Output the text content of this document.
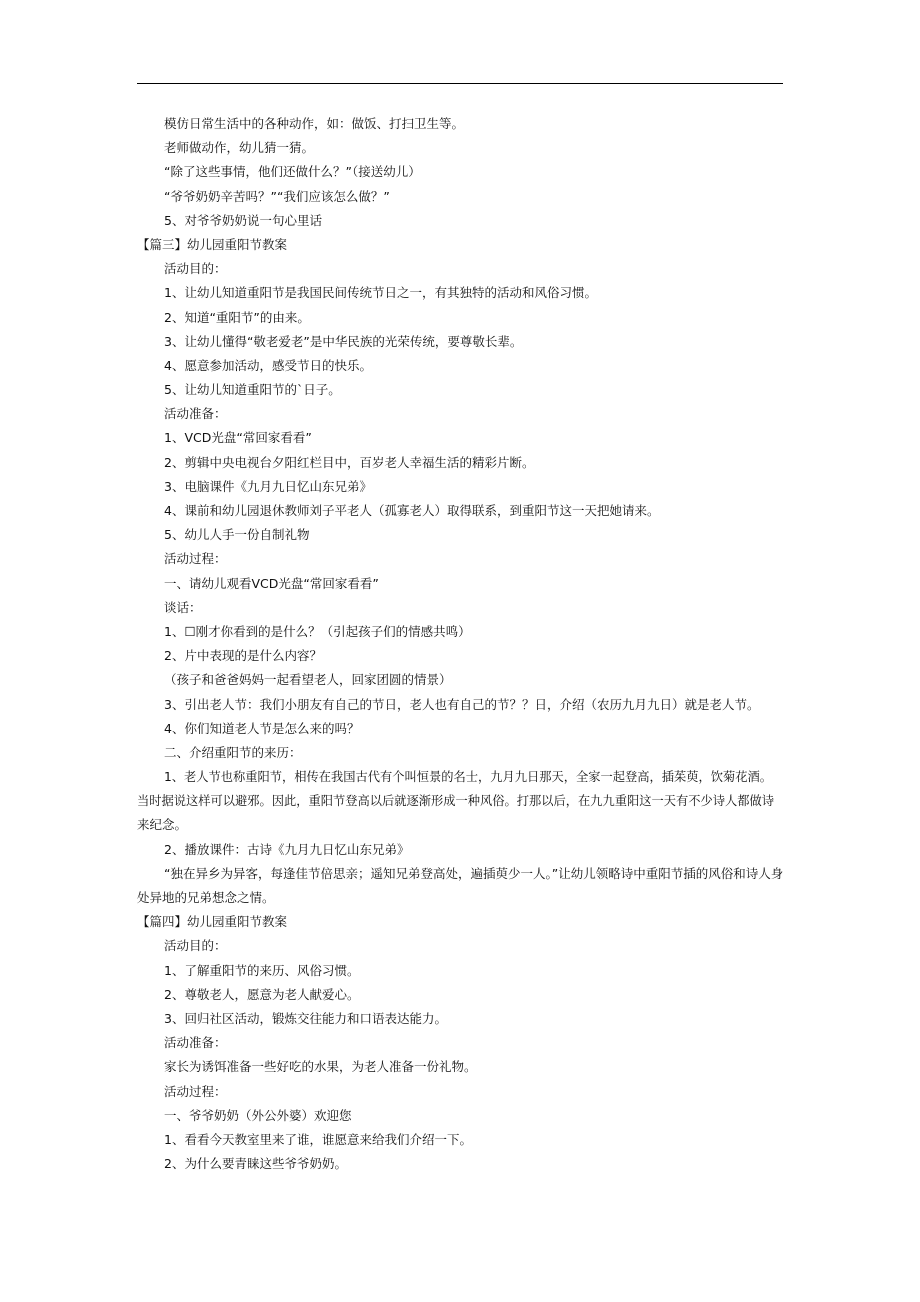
模仿日常生活中的各种动作，如：做饭、打扫卫生等。
老师做动作，幼儿猜一猜。
“除了这些事情，他们还做什么？”（接送幼儿）
“爷爷奶奶辛苦吗？”“我们应该怎么做？”
5、对爷爷奶奶说一句心里话
【篇三】幼儿园重阳节教案
活动目的：
1、让幼儿知道重阳节是我国民间传统节日之一，有其独特的活动和风俗习惯。
2、知道“重阳节”的由来。
3、让幼儿懂得“敬老爱老”是中华民族的光荣传统，要尊敬长辈。
4、愿意参加活动，感受节日的快乐。
5、让幼儿知道重阳节的`日子。
活动准备：
1、VCD光盘“常回家看看”
2、剪辑中央电视台夕阳红栏目中，百岁老人幸福生活的精彩片断。
3、电脑课件《九月九日忆山东兄弟》
4、课前和幼儿园退休教师刘子平老人（孤寡老人）取得联系，到重阳节这一天把她请来。
5、幼儿人手一份自制礼物
活动过程：
一、请幼儿观看VCD光盘“常回家看看”
谈话：
1、☐刚才你看到的是什么？（引起孩子们的情感共鸣）
2、片中表现的是什么内容？
（孩子和爸爸妈妈一起看望老人，回家团圆的情景）
3、引出老人节：我们小朋友有自己的节日，老人也有自己的节？？日，介绍（农历九月九日）就是老人节。
4、你们知道老人节是怎么来的吗？
二、介绍重阳节的来历：
1、老人节也称重阳节，相传在我国古代有个叫恒景的名士，九月九日那天，全家一起登高，插茱萸，饮菊花酒。
当时据说这样可以避邪。因此，重阳节登高以后就逐渐形成一种风俗。打那以后，在九九重阳这一天有不少诗人都做诗
来纪念。
2、播放课件：古诗《九月九日忆山东兄弟》
“独在异乡为异客，每逢佳节倍思亲；遥知兄弟登高处，遍插萸少一人。”让幼儿领略诗中重阳节插的风俗和诗人身
处异地的兄弟想念之情。
【篇四】幼儿园重阳节教案
活动目的：
1、了解重阳节的来历、风俗习惯。
2、尊敬老人，愿意为老人献爱心。
3、回归社区活动，锻炼交往能力和口语表达能力。
活动准备：
家长为诱饵准备一些好吃的水果，为老人准备一份礼物。
活动过程：
一、爷爷奶奶（外公外婆）欢迎您
1、看看今天教室里来了谁，谁愿意来给我们介绍一下。
2、为什么要青睐这些爷爷奶奶。
